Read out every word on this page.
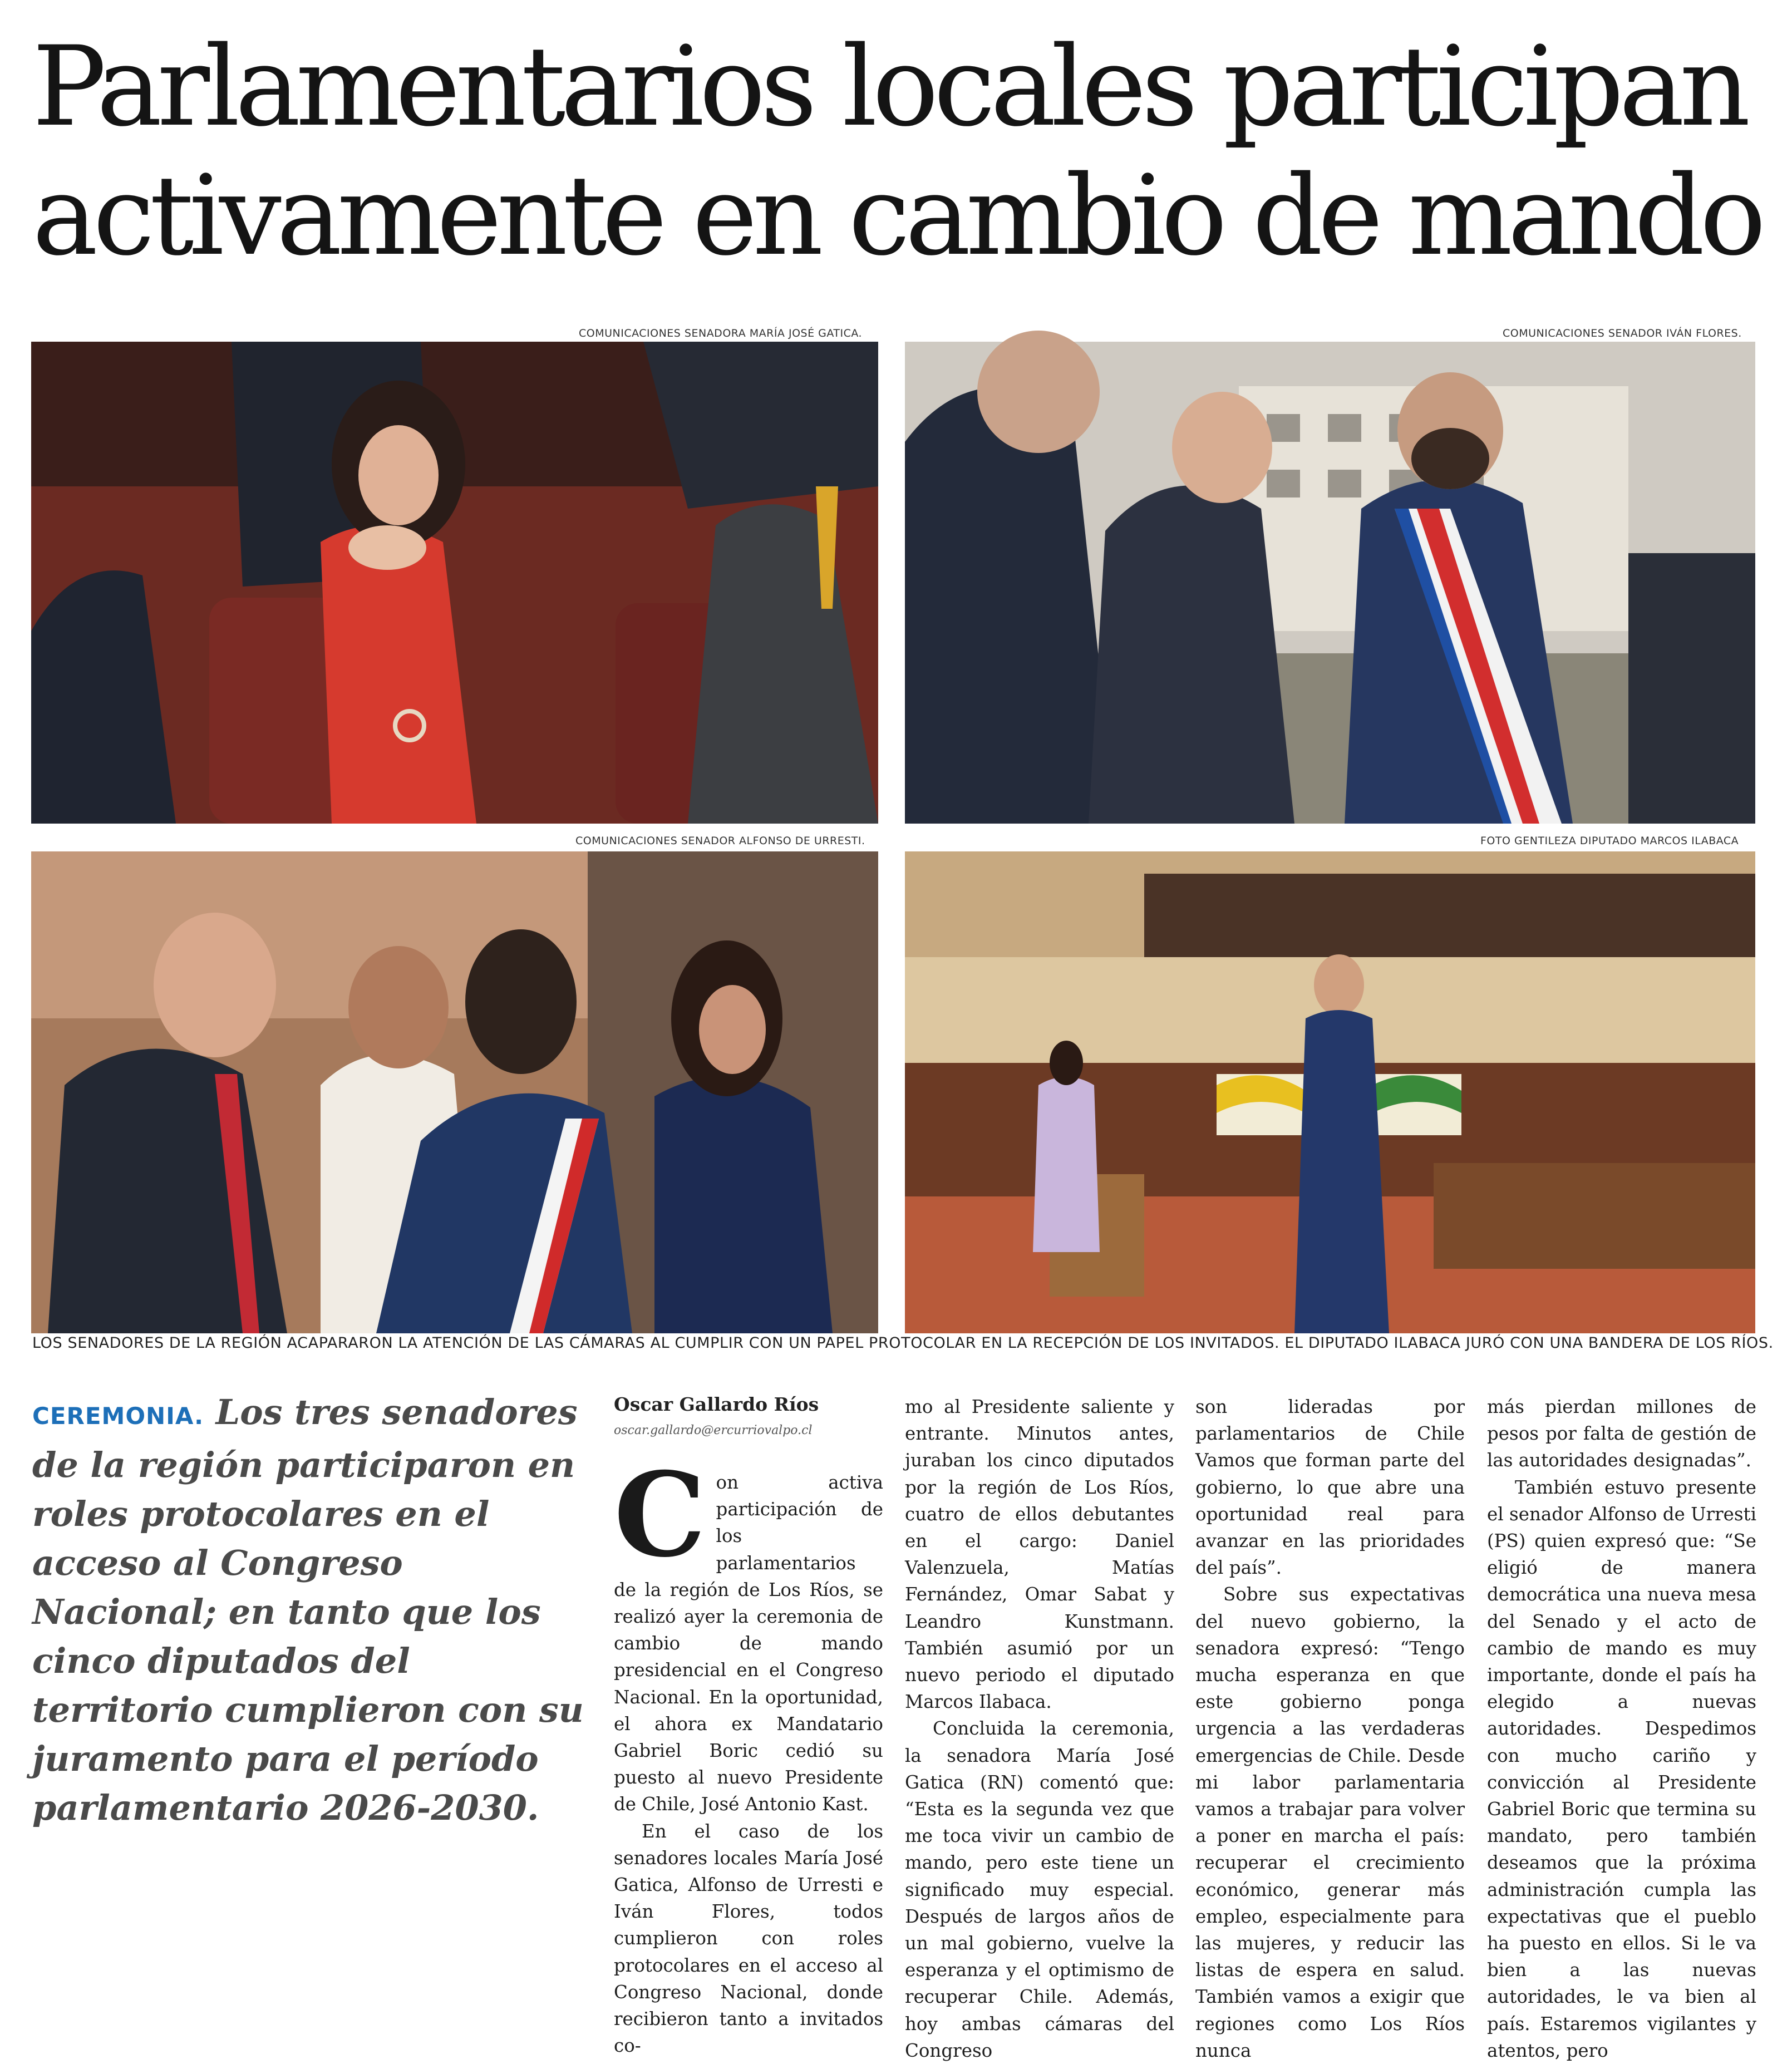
Parlamentarios locales participan activamente en cambio de mando
COMUNICACIONES SENADORA MARÍA JOSÉ GATICA.	COMUNICACIONES SENADOR IVÁN FLORES.
COMUNICACIONES SENADOR ALFONSO DE URRESTI.	FOTO GENTILEZA DIPUTADO MARCOS ILABACA
LOS SENADORES DE LA REGIÓN ACAPARARON LA ATENCIÓN DE LAS CÁMARAS AL CUMPLIR CON UN PAPEL PROTOCOLAR EN LA RECEPCIÓN DE LOS INVITADOS. EL DIPUTADO ILABACA JURÓ CON UNA BANDERA DE LOS RÍOS.
CEREMONIA. Los tres senadores de la región participaron en roles protocolares en el acceso al Congreso Nacional; en tanto que los cinco diputados del territorio cumplieron con su juramento para el período parlamentario 2026-2030.
Oscar Gallardo Ríos
oscar.gallardo@ercurriovalpo.cl
C on activa participación de los parlamentarios de la región de Los Ríos, se realizó ayer la ceremonia de cambio de mando presidencial en el Congreso Nacional. En la oportunidad, el ahora ex Mandatario Gabriel Boric cedió su puesto al nuevo Presidente de Chile, José Antonio Kast.

En el caso de los senadores locales María José Gatica, Alfonso de Urresti e Iván Flores, todos cumplieron con roles protocolares en el acceso al Congreso Nacional, donde recibieron tanto a invitados co-

mo al Presidente saliente y entrante. Minutos antes, juraban los cinco diputados por la región de Los Ríos, cuatro de ellos debutantes en el cargo: Daniel Valenzuela, Matías Fernández, Omar Sabat y Leandro Kunstmann. También asumió por un nuevo periodo el diputado Marcos Ilabaca.

Concluida la ceremonia, la senadora María José Gatica (RN) comentó que: “Esta es la segunda vez que me toca vivir un cambio de mando, pero este tiene un significado muy especial. Después de largos años de un mal gobierno, vuelve la esperanza y el optimismo de recuperar Chile. Además, hoy ambas cámaras del Congreso

son lideradas por parlamentarios de Chile Vamos que forman parte del gobierno, lo que abre una oportunidad real para avanzar en las prioridades del país”.

Sobre sus expectativas del nuevo gobierno, la senadora expresó: “Tengo mucha esperanza en que este gobierno ponga urgencia a las verdaderas emergencias de Chile. Desde mi labor parlamentaria vamos a trabajar para volver a poner en marcha el país: recuperar el crecimiento económico, generar más empleo, especialmente para las mujeres, y reducir las listas de espera en salud. También vamos a exigir que regiones como Los Ríos nunca

más pierdan millones de pesos por falta de gestión de las autoridades designadas”.

También estuvo presente el senador Alfonso de Urresti (PS) quien expresó que: “Se eligió de manera democrática una nueva mesa del Senado y el acto de cambio de mando es muy importante, donde el país ha elegido a nuevas autoridades. Despedimos con mucho cariño y convicción al Presidente Gabriel Boric que termina su mandato, pero también deseamos que la próxima administración cumpla las expectativas que el pueblo ha puesto en ellos. Si le va bien a las nuevas autoridades, le va bien al país. Estaremos vigilantes y atentos, pero
